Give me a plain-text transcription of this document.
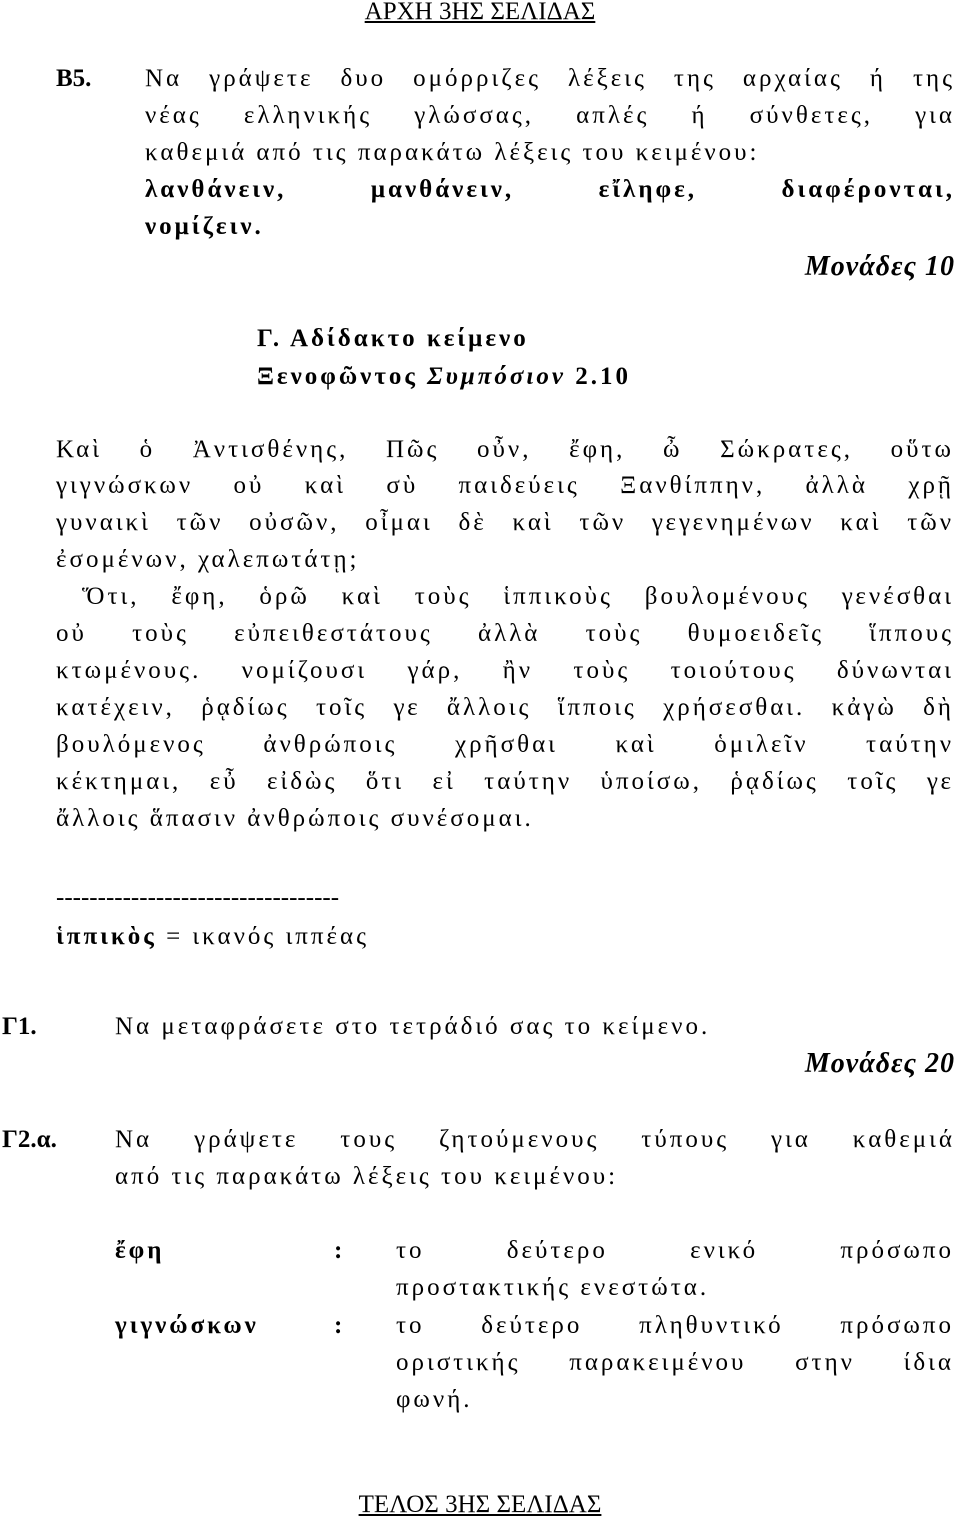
ΑΡΧΗ 3ΗΣ ΣΕΛΙΔΑΣ
Β5. Να γράψετε δυο ομόρριζες λέξεις της αρχαίας ή της
νέας ελληνικής γλώσσας, απλές ή σύνθετες, για
καθεμιά από τις παρακάτω λέξεις του κειμένου:
λανθάνειν,	μανθάνειν,	εἴληφε,	διαφέρονται,
νομίζειν.
Μονάδες 10
Γ. Αδίδακτο κείμενο
Ξενοφῶντος Συμπόσιον 2.10
Καὶ ὁ Ἀντισθένης, Πῶς οὖν, ἔφη, ὦ Σώκρατες, οὕτω
γιγνώσκων οὐ καὶ σὺ παιδεύεις Ξανθίππην, ἀλλὰ χρῇ
γυναικὶ τῶν οὐσῶν, οἶμαι δὲ καὶ τῶν γεγενημένων καὶ τῶν
ἐσομένων, χαλεπωτάτῃ;
Ὅτι, ἔφη, ὁρῶ καὶ τοὺς ἱππικοὺς βουλομένους γενέσθαι
οὐ τοὺς εὐπειθεστάτους ἀλλὰ τοὺς θυμοειδεῖς ἵππους
κτωμένους. νομίζουσι γάρ, ἢν τοὺς τοιούτους δύνωνται
κατέχειν, ῥᾳδίως τοῖς γε ἄλλοις ἵπποις χρήσεσθαι. κἀγὼ δὴ
βουλόμενος ἀνθρώποις χρῆσθαι καὶ ὁμιλεῖν ταύτην
κέκτημαι, εὖ εἰδὼς ὅτι εἰ ταύτην ὑποίσω, ῥᾳδίως τοῖς γε
ἄλλοις ἅπασιν ἀνθρώποις συνέσομαι.
----------------------------------
ἱππικὸς = ικανός ιππέας
Γ1.	Να μεταφράσετε στο τετράδιό σας το κείμενο.
Μονάδες 20
Γ2.α. Να γράψετε τους ζητούμενους τύπους για καθεμιά
από τις παρακάτω λέξεις του κειμένου:
ἔφη	: το δεύτερο ενικό πρόσωπο
προστακτικής ενεστώτα.
γιγνώσκων	: το δεύτερο πληθυντικό πρόσωπο
οριστικής παρακειμένου στην ίδια
φωνή.
ΤΕΛΟΣ 3ΗΣ ΣΕΛΙΔΑΣ
